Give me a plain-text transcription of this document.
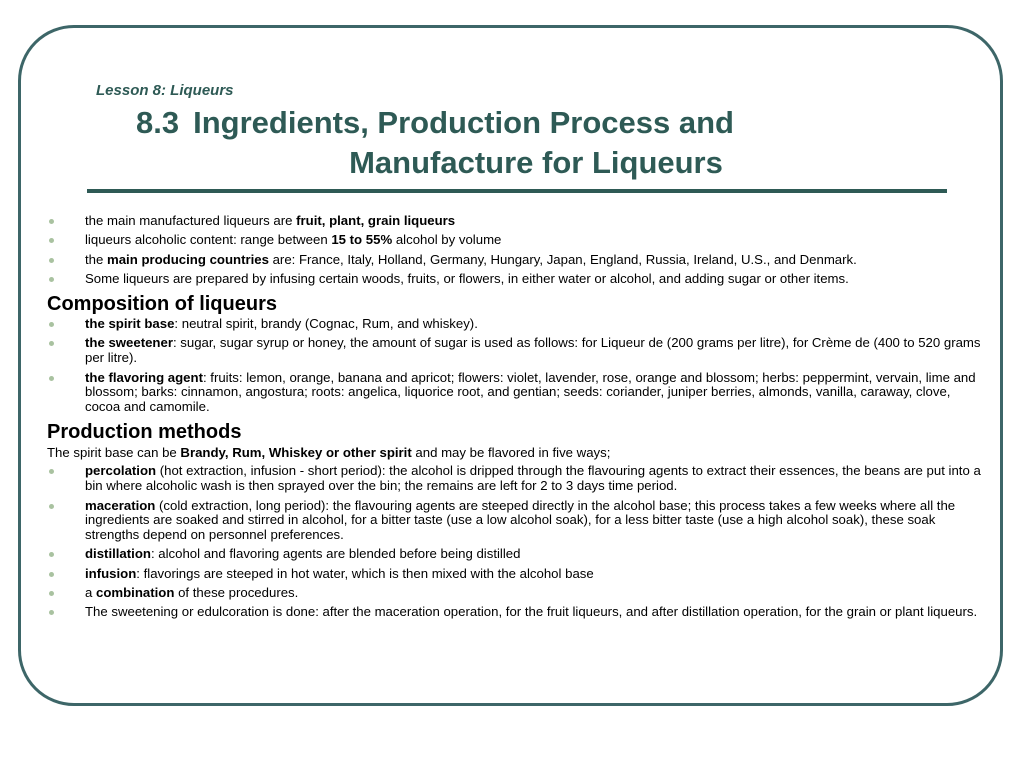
Lesson 8: Liqueurs
8.3 Ingredients, Production Process and
Manufacture for Liqueurs
the main manufactured liqueurs are fruit, plant, grain liqueurs
liqueurs alcoholic content: range between 15 to 55% alcohol by volume
the main producing countries are: France, Italy, Holland, Germany, Hungary, Japan, England, Russia, Ireland, U.S., and Denmark.
Some liqueurs are prepared by infusing certain woods, fruits, or flowers, in either water or alcohol, and adding sugar or other items.
Composition of liqueurs
the spirit base: neutral spirit, brandy (Cognac, Rum, and whiskey).
the sweetener: sugar, sugar syrup or honey, the amount of sugar is used as follows: for Liqueur de (200 grams per litre), for Crème de (400 to 520 grams per litre).
the flavoring agent: fruits: lemon, orange, banana and apricot; flowers: violet, lavender, rose, orange and blossom; herbs: peppermint, vervain, lime and blossom; barks: cinnamon, angostura; roots: angelica, liquorice root, and gentian; seeds: coriander, juniper berries, almonds, vanilla, caraway, clove, cocoa and camomile.
Production methods

The spirit base can be Brandy, Rum, Whiskey or other spirit and may be flavored in five ways;

percolation (hot extraction, infusion - short period): the alcohol is dripped through the flavouring agents to extract their essences, the beans are put into a bin where alcoholic wash is then sprayed over the bin; the remains are left for 2 to 3 days time period.
maceration (cold extraction, long period): the flavouring agents are steeped directly in the alcohol base; this process takes a few weeks where all the ingredients are soaked and stirred in alcohol, for a bitter taste (use a low alcohol soak), for a less bitter taste (use a high alcohol soak), these soak strengths depend on personnel preferences.
distillation: alcohol and flavoring agents are blended before being distilled
infusion: flavorings are steeped in hot water, which is then mixed with the alcohol base
a combination of these procedures.
The sweetening or edulcoration is done: after the maceration operation, for the fruit liqueurs, and after distillation operation, for the grain or plant liqueurs.
